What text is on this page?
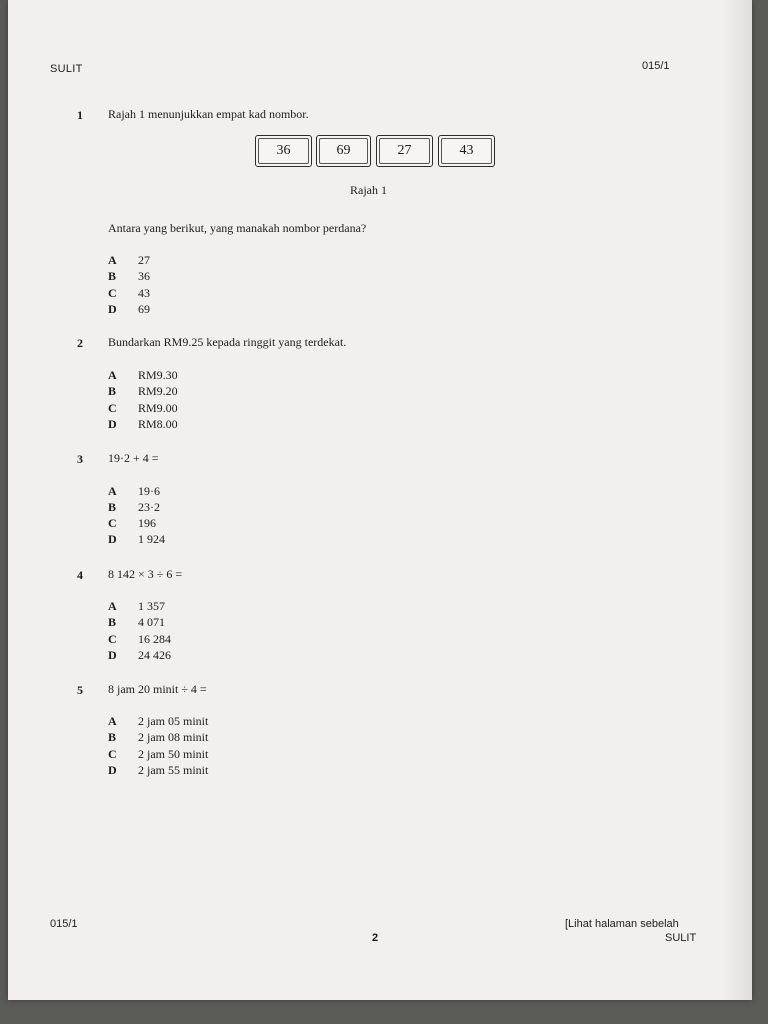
SULIT	015/1
1 Rajah 1 menunjukkan empat kad nombor.
36	69	27	43
Rajah 1
Antara yang berikut, yang manakah nombor perdana?
A	27
B	36
C	43
D	69
2 Bundarkan RM9.25 kepada ringgit yang terdekat.
A	RM9.30
B	RM9.20
C	RM9.00
D	RM8.00
3 19·2 + 4 =
A	19·6
B	23·2
C	196
D	1 924
4 8 142 × 3 ÷ 6 =
A	1 357
B	4 071
C	16 284
D	24 426
5 8 jam 20 minit ÷ 4 =
A	2 jam 05 minit
B	2 jam 08 minit
C	2 jam 50 minit
D	2 jam 55 minit
015/1
2
[Lihat halaman sebelah
SULIT
